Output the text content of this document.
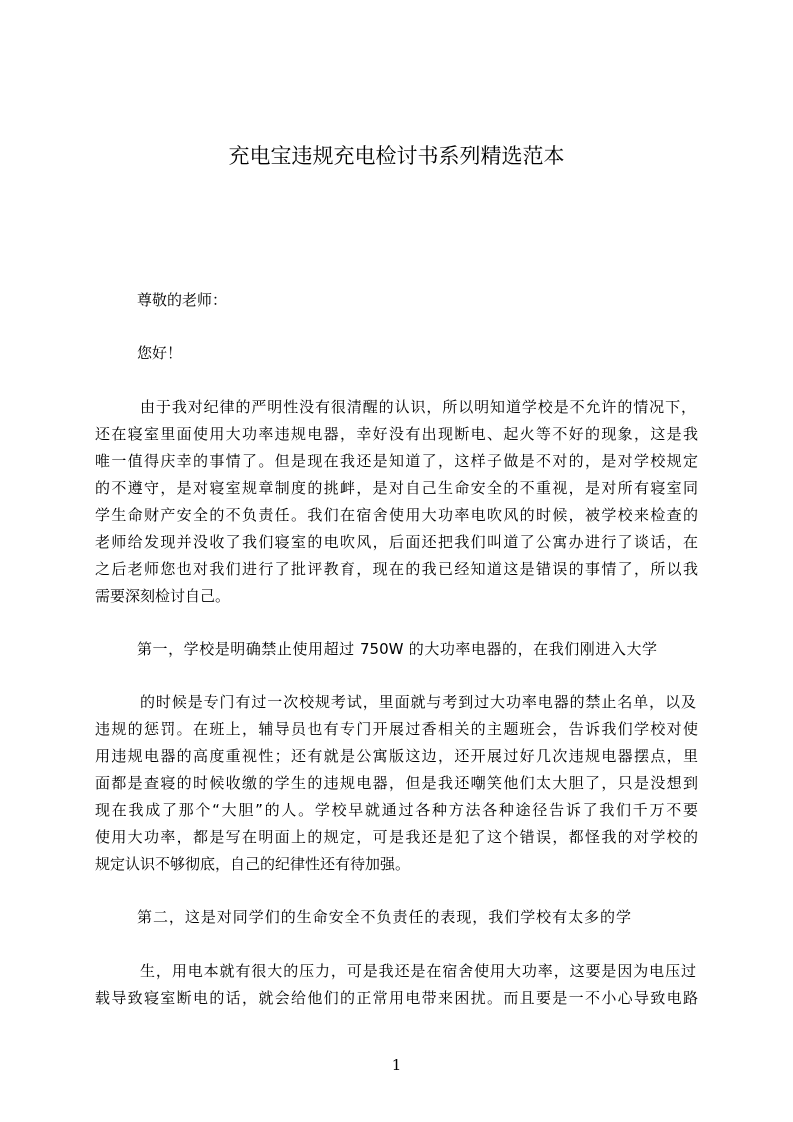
充电宝违规充电检讨书系列精选范本

尊敬的老师：

您好！

由于我对纪律的严明性没有很清醒的认识，所以明知道学校是不允许的情况下，

还在寝室里面使用大功率违规电器，幸好没有出现断电、起火等不好的现象，这是我

唯一值得庆幸的事情了。但是现在我还是知道了，这样子做是不对的，是对学校规定

的不遵守，是对寝室规章制度的挑衅，是对自己生命安全的不重视，是对所有寝室同

学生命财产安全的不负责任。我们在宿舍使用大功率电吹风的时候，被学校来检查的

老师给发现并没收了我们寝室的电吹风，后面还把我们叫道了公寓办进行了谈话，在

之后老师您也对我们进行了批评教育，现在的我已经知道这是错误的事情了，所以我

需要深刻检讨自己。

第一，学校是明确禁止使用超过 750W 的大功率电器的，在我们刚进入大学

的时候是专门有过一次校规考试，里面就与考到过大功率电器的禁止名单，以及

违规的惩罚。在班上，辅导员也有专门开展过香相关的主题班会，告诉我们学校对使

用违规电器的高度重视性；还有就是公寓版这边，还开展过好几次违规电器摆点，里

面都是查寝的时候收缴的学生的违规电器，但是我还嘲笑他们太大胆了，只是没想到

现在我成了那个“大胆”的人。学校早就通过各种方法各种途径告诉了我们千万不要

使用大功率，都是写在明面上的规定，可是我还是犯了这个错误，都怪我的对学校的

规定认识不够彻底，自己的纪律性还有待加强。

第二，这是对同学们的生命安全不负责任的表现，我们学校有太多的学

生，用电本就有很大的压力，可是我还是在宿舍使用大功率，这要是因为电压过

载导致寝室断电的话，就会给他们的正常用电带来困扰。而且要是一不小心导致电路

1
